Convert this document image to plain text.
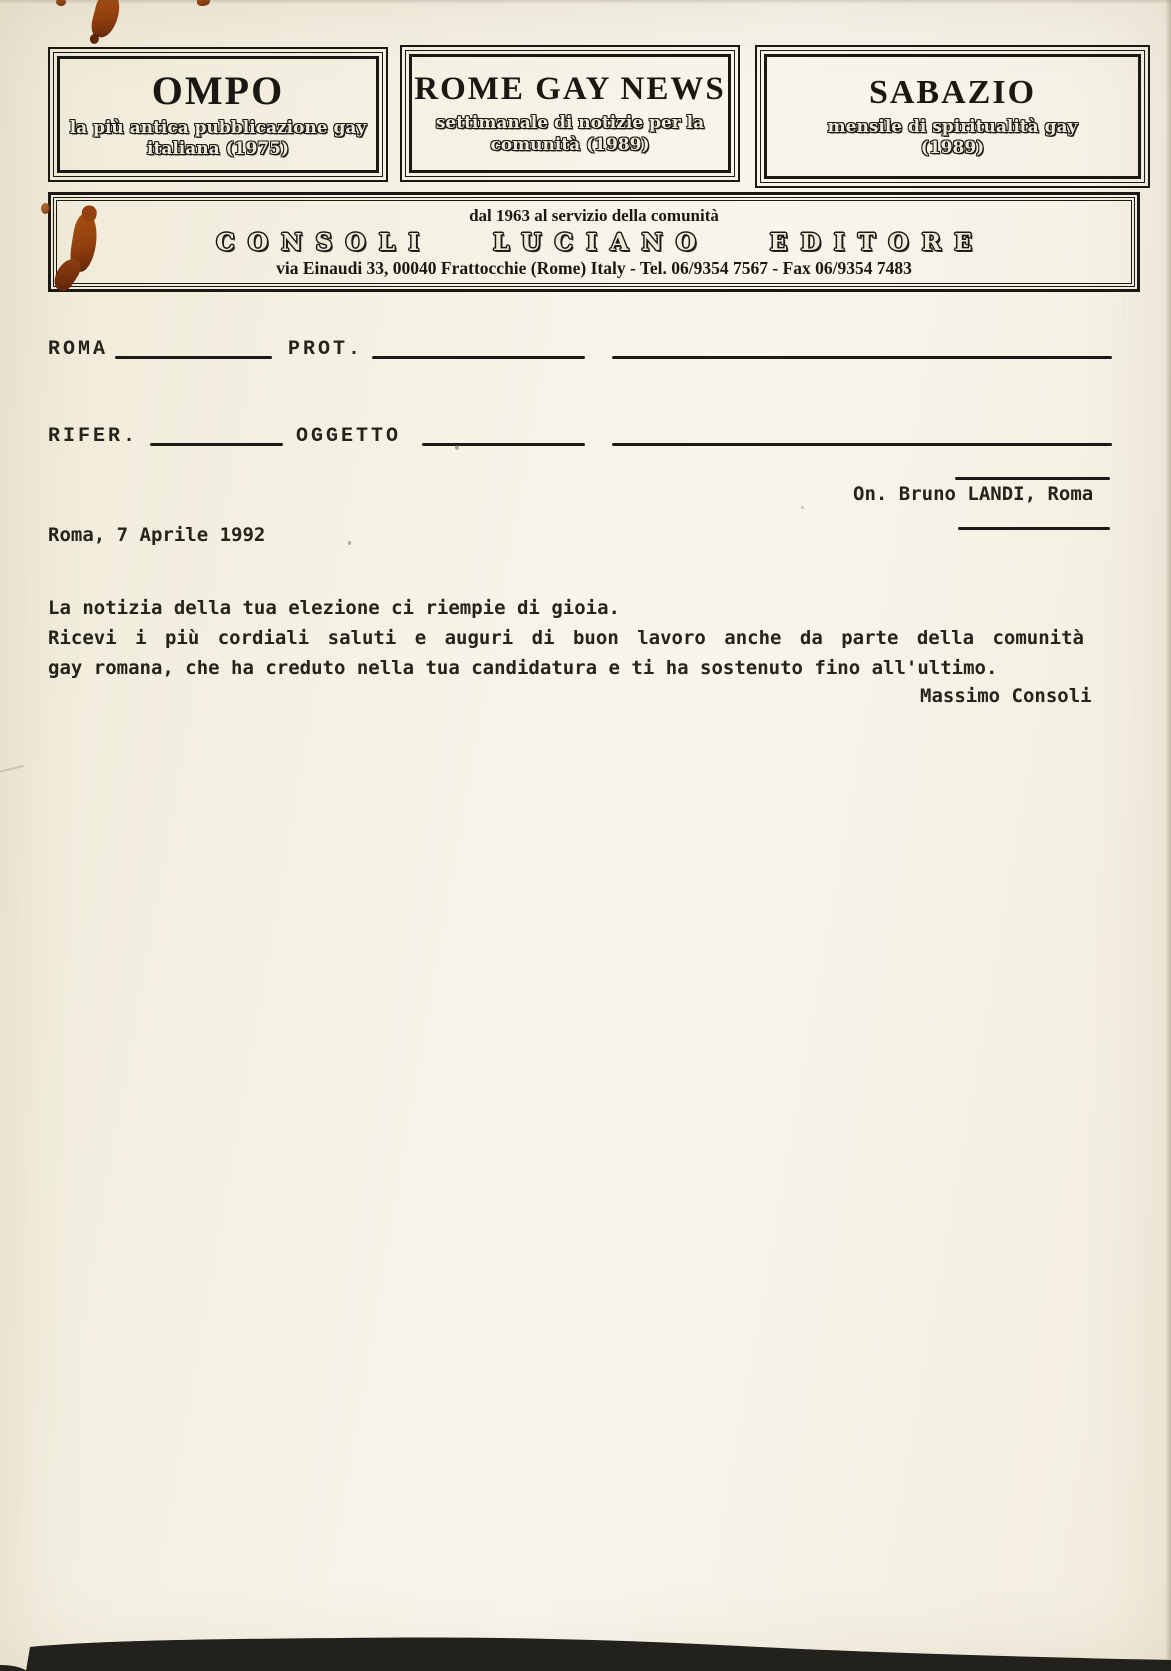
OMPO
la più antica pubblicazione gay italiana (1975)
ROME GAY NEWS
settimanale di notizie per la comunità (1989)
SABAZIO
mensile di spiritualità gay (1989)
dal 1963 al servizio della comunità
CONSOLI LUCIANO EDITORE
via Einaudi 33, 00040 Frattocchie (Rome) Italy - Tel. 06/9354 7567 - Fax 06/9354 7483
ROMA	PROT.
RIFER.	OGGETTO
On. Bruno LANDI, Roma
Roma, 7 Aprile 1992
La notizia della tua elezione ci riempie di gioia.
Ricevi i più cordiali saluti e auguri di buon lavoro anche da parte della comunità
gay romana, che ha creduto nella tua candidatura e ti ha sostenuto fino all'ultimo.
Massimo Consoli
